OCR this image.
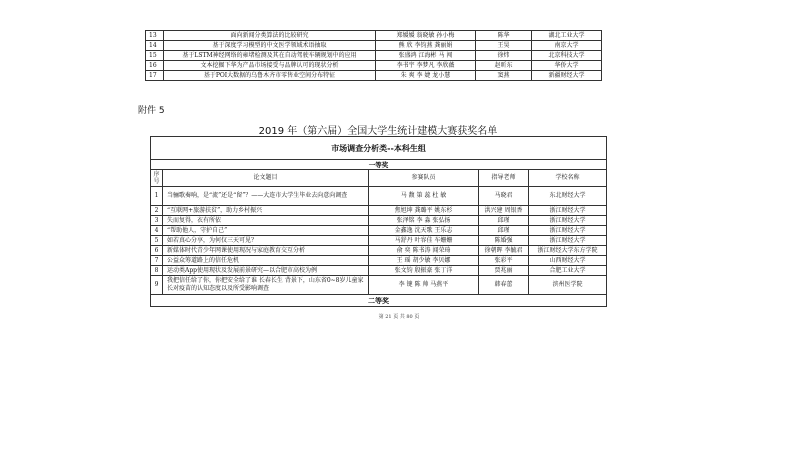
13	面向新闻分类算法的比较研究	郑媛媛 翁晓敏 孙小梅	陈华	湖北工业大学
14	基于深度学习模型的中文医学领域术语抽取	熊 欣 李钧燕 龚丽娟	王昊	南京大学
15	基于LSTM神经网络的雍堵检测及其在自动驾驶车辆规划中的应用	张盛鸿 江海彬 马 闯	徐炜	北京科技大学
16	文本挖掘下华为产品市场接受与品牌认可的现状分析	李书宇 李梦凡 李欣薇	赵昕东	华侨大学
17	基于POI大数据的乌鲁木齐市零售业空间分布特征	朱 爽 李 婕 龙小慧	窦燕	新疆财经大学
附件 5
2019 年（第六届）全国大学生统计建模大赛获奖名单
市场调查分析类--本科生组				
一等奖				
序号	论文题目	参赛队员	指导老师	学校名称
1	当骊歌奏响，是“流”还是“留”？——大连市大学生毕业去向意向调查	马 馥 第 蕊 杜 敏	马晓君	东北财经大学
2	“互联网+旅游扶贫”，助力乡村振兴	焦旭坤 龚璐平 姚东杉	洪兴建 周银香	浙江财经大学
3	失而复得，衣有所依	张泽铭 李 淼 张弘扬	邱瑾	浙江财经大学
4	“帮助他人，守护自己”	金鑫逸 沈天歌 王乐志	邱瑾	浙江财经大学
5	如若真心分享，为何仅三天可见？	马舒丹 叶容佳 车姗姗	陈婚强	浙江财经大学
6	新媒体时代青少年网课使用现况与家庭教育交互分析	俞 奕 陈书涛 闻荣琦	徐朝晖 李毓君	浙江财经大学东方学院
7	公益众筹道路上的信任危机	王 瑶 胡少敏 李贝娜	张彩平	山西财经大学
8	运动类App使用现状及发展前景研究—以合肥市高校为例	张文钧 殷振豪 张丁洋	贾兆丽	合肥工业大学
9	我把信任给了你，你把安全给了谁 长春长生 背景下，山东省0~8岁儿童家长对疫苗的认知态度以及所受影响调查	李 键 陈 帅 马燕平	韩春蕾	滨州医学院
二等奖				
第 21 页 共 80 页
